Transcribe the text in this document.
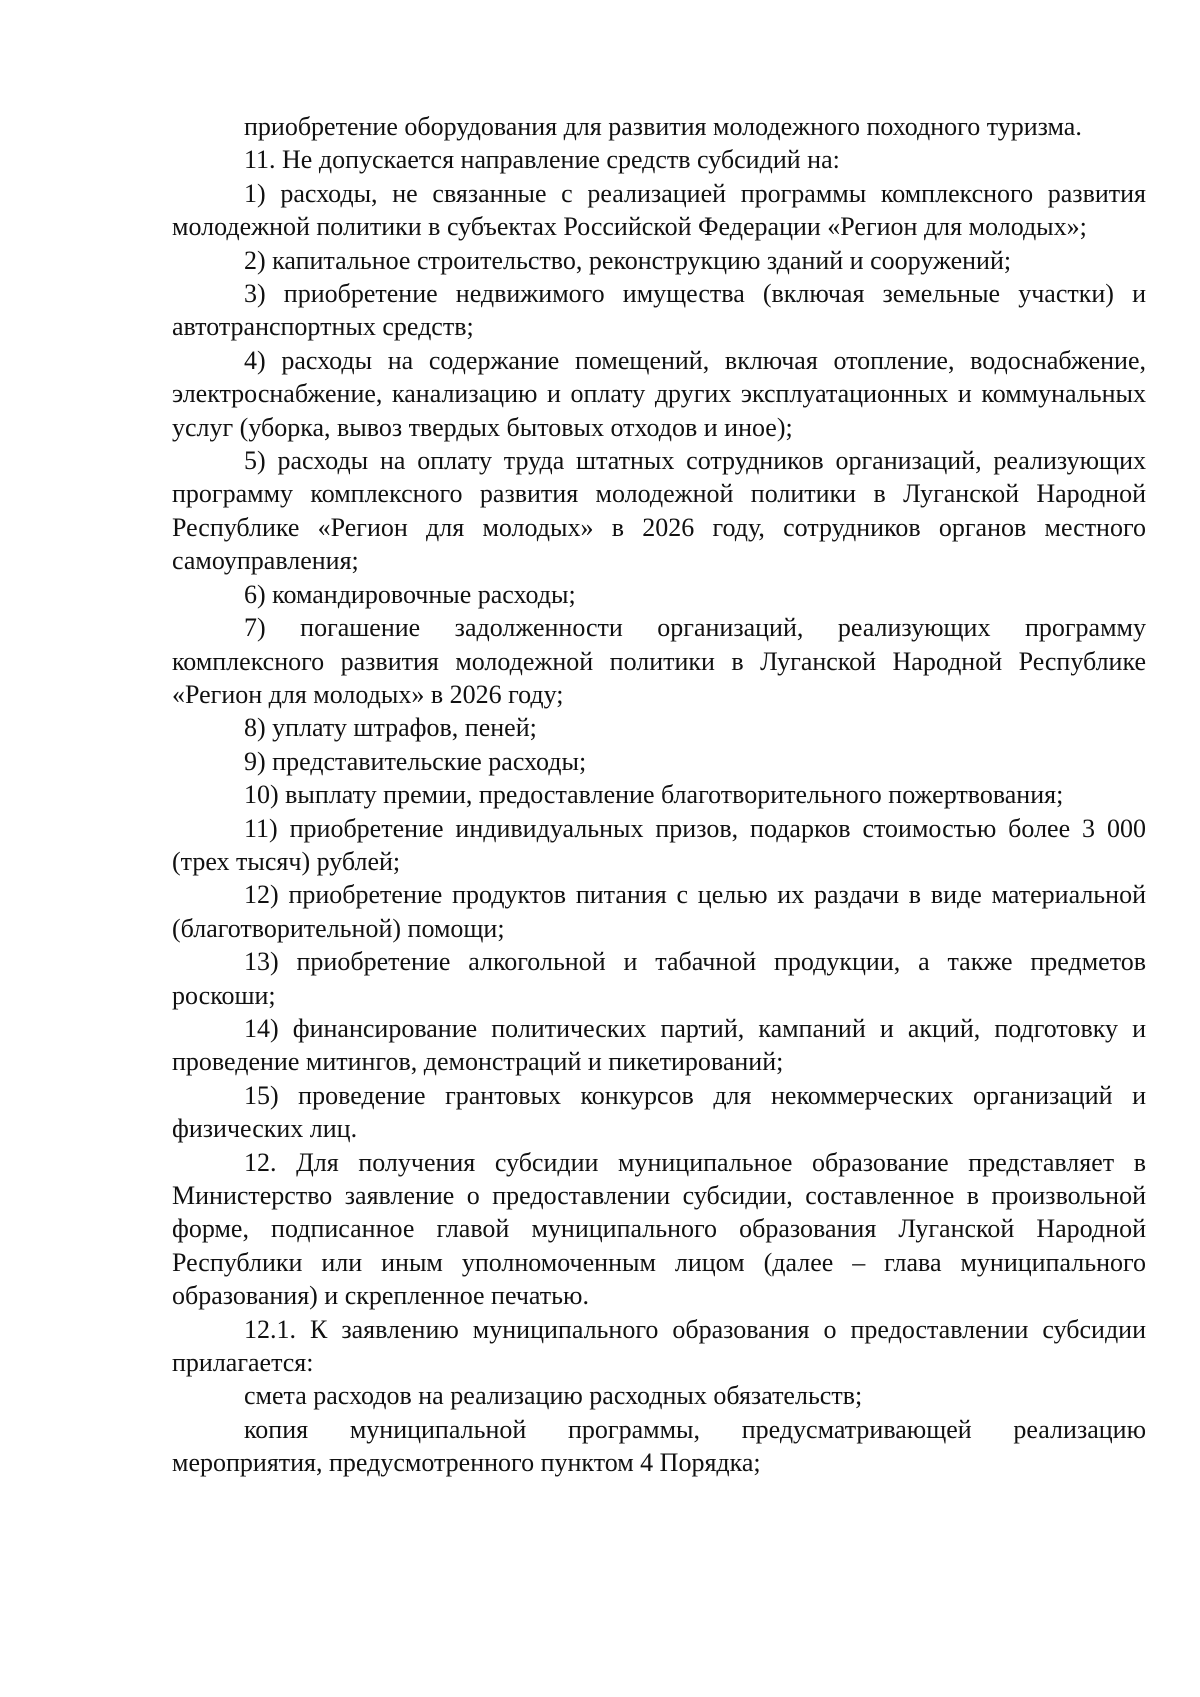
приобретение оборудования для развития молодежного походного туризма.

11. Не допускается направление средств субсидий на:

1) расходы, не связанные с реализацией программы комплексного развития молодежной политики в субъектах Российской Федерации «Регион для молодых»;

2) капитальное строительство, реконструкцию зданий и сооружений;

3) приобретение недвижимого имущества (включая земельные участки) и автотранспортных средств;

4) расходы на содержание помещений, включая отопление, водоснабжение, электроснабжение, канализацию и оплату других эксплуатационных и коммунальных услуг (уборка, вывоз твердых бытовых отходов и иное);

5) расходы на оплату труда штатных сотрудников организаций, реализующих программу комплексного развития молодежной политики в Луганской Народной Республике «Регион для молодых» в 2026 году, сотрудников органов местного самоуправления;

6) командировочные расходы;

7) погашение задолженности организаций, реализующих программу комплексного развития молодежной политики в Луганской Народной Республике «Регион для молодых» в 2026 году;

8) уплату штрафов, пеней;

9) представительские расходы;

10) выплату премии, предоставление благотворительного пожертвования;

11) приобретение индивидуальных призов, подарков стоимостью более 3 000 (трех тысяч) рублей;

12) приобретение продуктов питания с целью их раздачи в виде материальной (благотворительной) помощи;

13) приобретение алкогольной и табачной продукции, а также предметов роскоши;

14) финансирование политических партий, кампаний и акций, подготовку и проведение митингов, демонстраций и пикетирований;

15) проведение грантовых конкурсов для некоммерческих организаций и физических лиц.

12. Для получения субсидии муниципальное образование представляет в Министерство заявление о предоставлении субсидии, составленное в произвольной форме, подписанное главой муниципального образования Луганской Народной Республики или иным уполномоченным лицом (далее – глава муниципального образования) и скрепленное печатью.

12.1. К заявлению муниципального образования о предоставлении субсидии прилагается:

смета расходов на реализацию расходных обязательств;

копия муниципальной программы, предусматривающей реализацию мероприятия, предусмотренного пунктом 4 Порядка;
